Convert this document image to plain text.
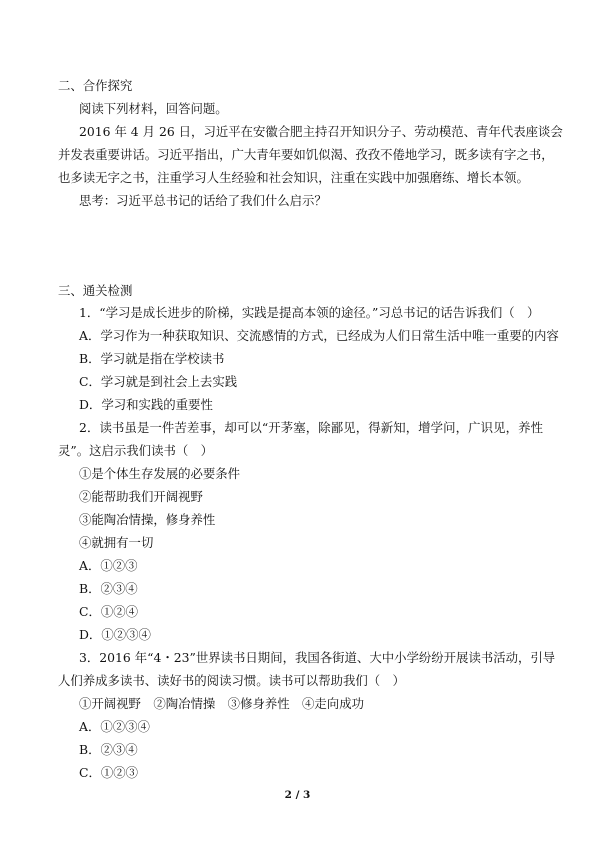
二、合作探究
阅读下列材料，回答问题。
2016 年 4 月 26 日，习近平在安徽合肥主持召开知识分子、劳动模范、青年代表座谈会
并发表重要讲话。习近平指出，广大青年要如饥似渴、孜孜不倦地学习，既多读有字之书，
也多读无字之书，注重学习人生经验和社会知识，注重在实践中加强磨练、增长本领。
思考：习近平总书记的话给了我们什么启示？
三、通关检测
1．“学习是成长进步的阶梯，实践是提高本领的途径。”习总书记的话告诉我们（　）
A．学习作为一种获取知识、交流感情的方式，已经成为人们日常生活中唯一重要的内容
B．学习就是指在学校读书
C．学习就是到社会上去实践
D．学习和实践的重要性
2．读书虽是一件苦差事，却可以“开茅塞，除鄙见，得新知，增学问，广识见，养性
灵”。这启示我们读书（　）
①是个体生存发展的必要条件
②能帮助我们开阔视野
③能陶冶情操，修身养性
④就拥有一切
A．①②③
B．②③④
C．①②④
D．①②③④
3．2016 年“4・23”世界读书日期间，我国各街道、大中小学纷纷开展读书活动，引导
人们养成多读书、读好书的阅读习惯。读书可以帮助我们（　）
①开阔视野　②陶冶情操　③修身养性　④走向成功
A．①②③④
B．②③④
C．①②③
2 / 3
